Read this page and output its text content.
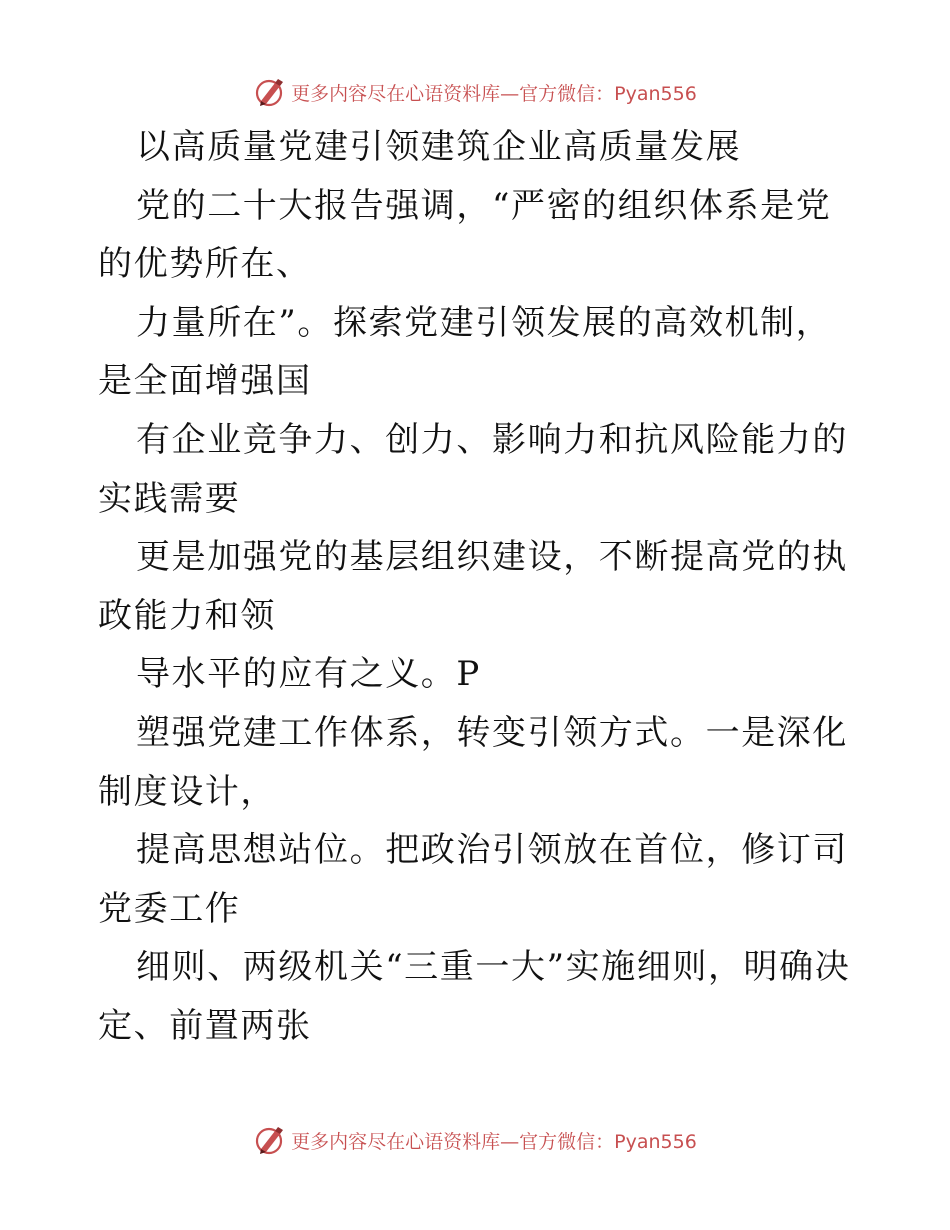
更多内容尽在心语资料库—官方微信：Pyan556

以高质量党建引领建筑企业高质量发展

党的二十大报告强调，“严密的组织体系是党的优势所在、

力量所在”。探索党建引领发展的高效机制，是全面增强国

有企业竞争力、创力、影响力和抗风险能力的实践需要

更是加强党的基层组织建设，不断提高党的执政能力和领

导水平的应有之义。P

塑强党建工作体系，转变引领方式。一是深化制度设计，

提高思想站位。把政治引领放在首位，修订司党委工作

细则、两级机关“三重一大”实施细则，明确决定、前置两张

更多内容尽在心语资料库—官方微信：Pyan556
